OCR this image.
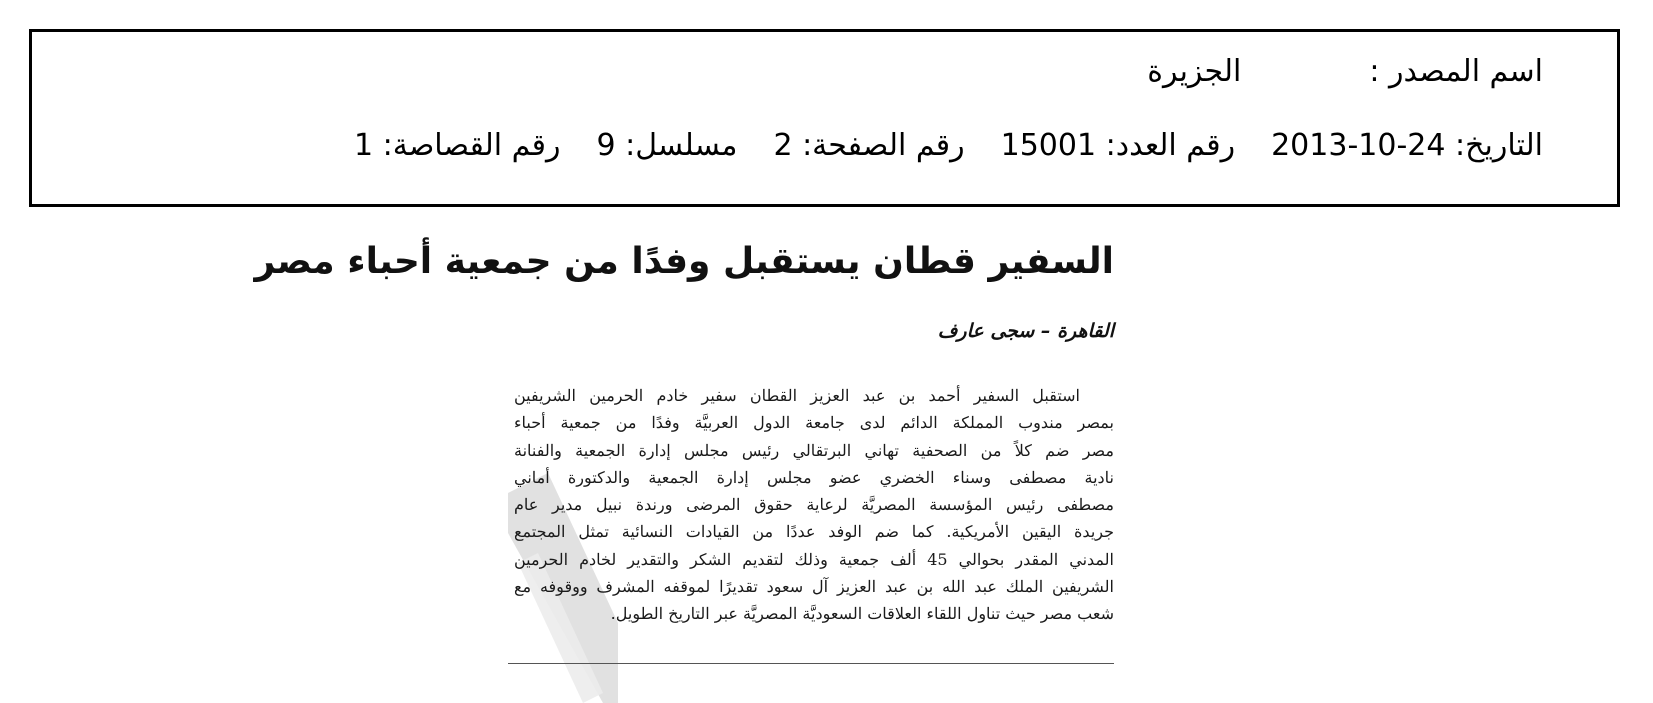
اسم المصدر :الجزيرة
التاريخ: 24-10-2013رقم العدد: 15001رقم الصفحة: 2مسلسل: 9رقم القصاصة: 1
السفير قطان يستقبل وفدًا من جمعية أحباء مصر
القاهرة – سجى عارف
استقبل السفير أحمد بن عبد العزيز القطان سفير خادم الحرمين الشريفين
بمصر مندوب المملكة الدائم لدى جامعة الدول العربيَّة وفدًا من جمعية أحباء
مصر ضم كلاً من الصحفية تهاني البرتقالي رئيس مجلس إدارة الجمعية والفنانة
نادية مصطفى وسناء الخضري عضو مجلس إدارة الجمعية والدكتورة أماني
مصطفى رئيس المؤسسة المصريَّة لرعاية حقوق المرضى ورندة نبيل مدير عام
جريدة اليقين الأمريكية. كما ضم الوفد عددًا من القيادات النسائية تمثل المجتمع
المدني المقدر بحوالي 45 ألف جمعية وذلك لتقديم الشكر والتقدير لخادم الحرمين
الشريفين الملك عبد الله بن عبد العزيز آل سعود تقديرًا لموقفه المشرف ووقوفه مع
شعب مصر حيث تناول اللقاء العلاقات السعوديَّة المصريَّة عبر التاريخ الطويل.
